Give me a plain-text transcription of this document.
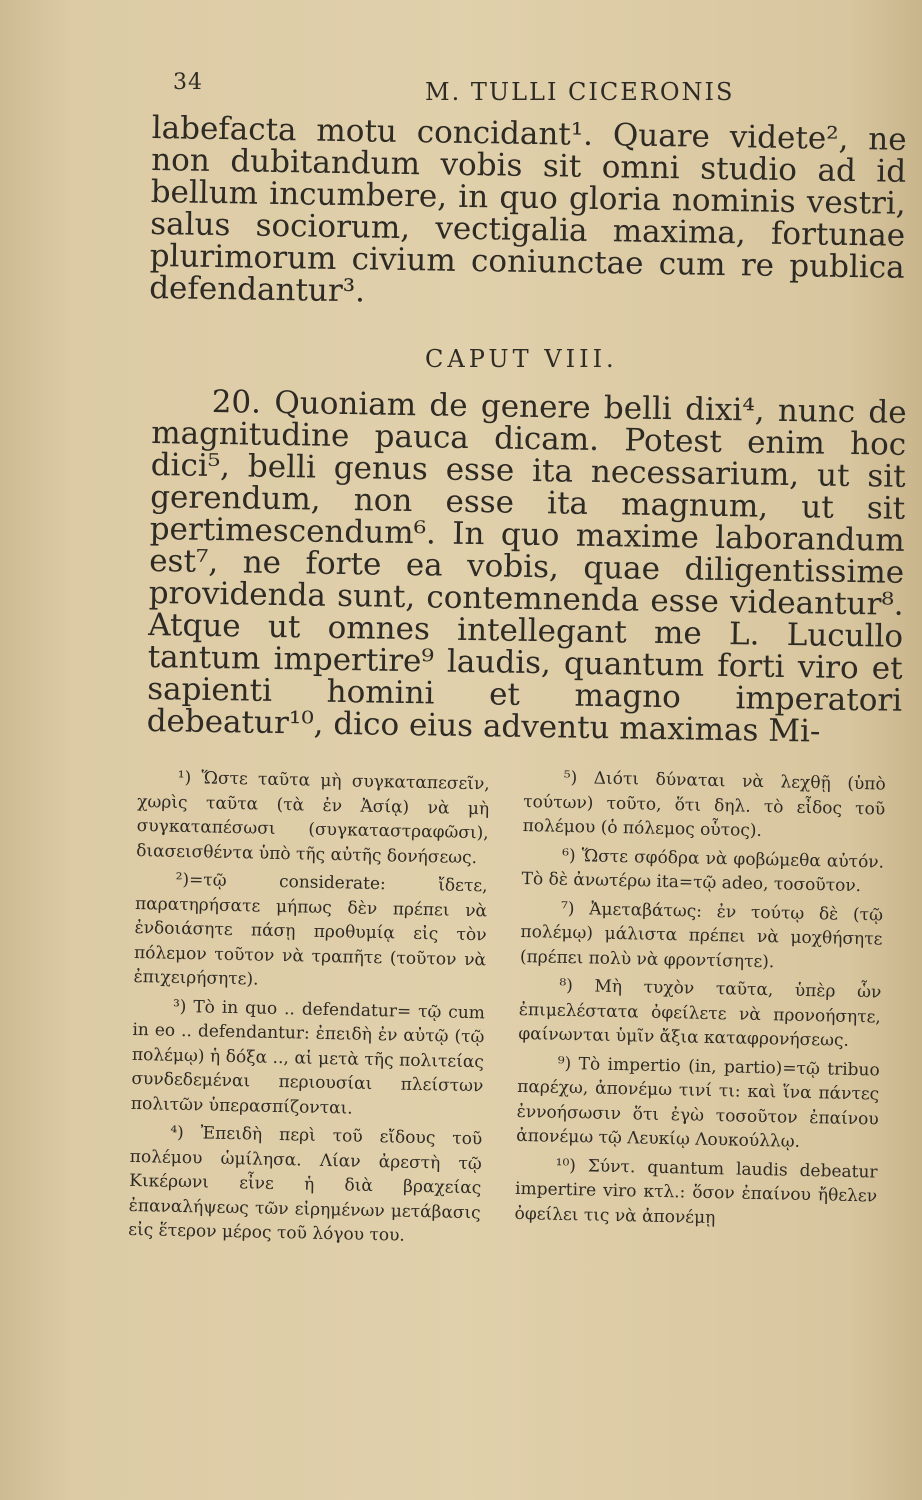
34	M. TULLI CICERONIS

labefacta motu concidant¹. Quare videte², ne non dubitandum vobis sit omni studio ad id bellum incumbere, in quo gloria nominis vestri, salus sociorum, vectigalia maxima, fortunae plurimorum civium coniunctae cum re publica defendantur³.

CAPUT VIII.

20. Quoniam de genere belli dixi⁴, nunc de magnitudine pauca dicam. Potest enim hoc dici⁵, belli genus esse ita necessarium, ut sit gerendum, non esse ita magnum, ut sit pertimescendum⁶. In quo maxime laborandum est⁷, ne forte ea vobis, quae diligentissime providenda sunt, contemnenda esse videantur⁸. Atque ut omnes intellegant me L. Lucullo tantum impertire⁹ laudis, quantum forti viro et sapienti homini et magno imperatori debeatur¹⁰, dico eius adventu maximas Mi-

¹) Ὥστε ταῦτα μὴ συγκαταπεσεῖν, χωρὶς ταῦτα (τὰ ἐν Ἀσίᾳ) νὰ μὴ συγκαταπέσωσι (συγκαταστραφῶσι), διασεισθέντα ὑπὸ τῆς αὐτῆς δονήσεως.

²)=τῷ considerate: ἴδετε, παρατηρήσατε μήπως δὲν πρέπει νὰ ἐνδοιάσητε πάσῃ προθυμίᾳ εἰς τὸν πόλεμον τοῦτον νὰ τραπῆτε (τοῦτον νὰ ἐπιχειρήσητε).

³) Τὸ in quo .. defendatur= τῷ cum in eo .. defendantur: ἐπειδὴ ἐν αὐτῷ (τῷ πολέμῳ) ἡ δόξα .., αἱ μετὰ τῆς πολιτείας συνδεδεμέναι περιουσίαι πλείστων πολιτῶν ὑπερασπίζονται.

⁴) Ἐπειδὴ περὶ τοῦ εἴδους τοῦ πολέμου ὡμίλησα. Λίαν ἀρεστὴ τῷ Κικέρωνι εἶνε ἡ διὰ βραχείας ἐπαναλήψεως τῶν εἰρημένων μετάβασις εἰς ἕτερον μέρος τοῦ λόγου του.

⁵) Διότι δύναται νὰ λεχθῇ (ὑπὸ τούτων) τοῦτο, ὅτι δηλ. τὸ εἶδος τοῦ πολέμου (ὁ πόλεμος οὗτος).

⁶) Ὥστε σφόδρα νὰ φοβώμεθα αὐτόν. Τὸ δὲ ἀνωτέρω ita=τῷ adeo, τοσοῦτον.

⁷) Ἀμεταβάτως: ἐν τούτῳ δὲ (τῷ πολέμῳ) μάλιστα πρέπει νὰ μοχθήσητε (πρέπει πολὺ νὰ φροντίσητε).

⁸) Μὴ τυχὸν ταῦτα, ὑπὲρ ὧν ἐπιμελέστατα ὀφείλετε νὰ προνοήσητε, φαίνωνται ὑμῖν ἄξια καταφρονήσεως.

⁹) Τὸ impertio (in, partio)=τῷ tribuo παρέχω, ἀπονέμω τινί τι: καὶ ἵνα πάντες ἐννοήσωσιν ὅτι ἐγὼ τοσοῦτον ἐπαίνου ἀπονέμω τῷ Λευκίῳ Λουκούλλῳ.

¹⁰) Σύντ. quantum laudis debeatur impertire viro κτλ.: ὅσον ἐπαίνου ἤθελεν ὀφείλει τις νὰ ἀπονέμῃ
